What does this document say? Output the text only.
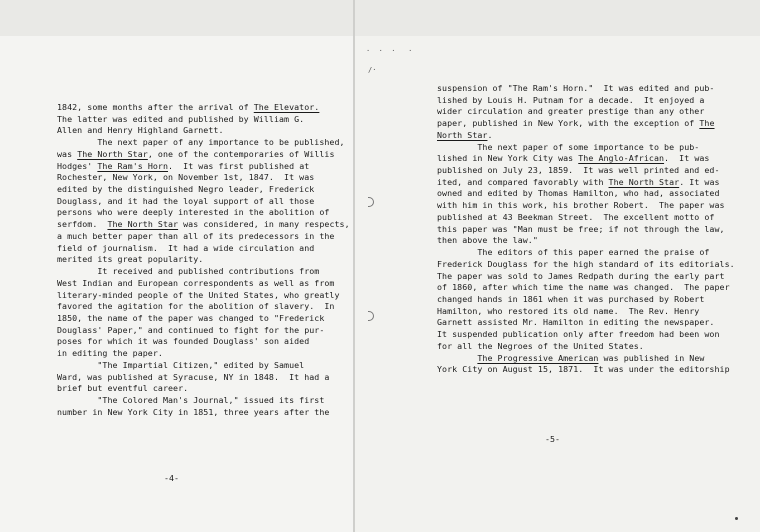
1842, some months after the arrival of The Elevator.
The latter was edited and published by William G.
Allen and Henry Highland Garnett.
The next paper of any importance to be published,
was The North Star, one of the contemporaries of Willis
Hodges' The Ram's Horn.  It was first published at
Rochester, New York, on November 1st, 1847.  It was
edited by the distinguished Negro leader, Frederick
Douglass, and it had the loyal support of all those
persons who were deeply interested in the abolition of
serfdom.  The North Star was considered, in many respects,
a much better paper than all of its predecessors in the
field of journalism.  It had a wide circulation and
merited its great popularity.
It received and published contributions from
West Indian and European correspondents as well as from
literary-minded people of the United States, who greatly
favored the agitation for the abolition of slavery.  In
1850, the name of the paper was changed to "Frederick
Douglass' Paper," and continued to fight for the pur-
poses for which it was founded Douglass' son aided
in editing the paper.
"The Impartial Citizen," edited by Samuel
Ward, was published at Syracuse, NY in 1848.  It had a
brief but eventful career.
"The Colored Man's Journal," issued its first
number in New York City in 1851, three years after the
-4-
suspension of "The Ram's Horn."  It was edited and pub-
lished by Louis H. Putnam for a decade.  It enjoyed a
wider circulation and greater prestige than any other
paper, published in New York, with the exception of The
North Star.
The next paper of some importance to be pub-
lished in New York City was The Anglo-African.  It was
published on July 23, 1859.  It was well printed and ed-
ited, and compared favorably with The North Star. It was
owned and edited by Thomas Hamilton, who had, associated
with him in this work, his brother Robert.  The paper was
published at 43 Beekman Street.  The excellent motto of
this paper was "Man must be free; if not through the law,
then above the law."
The editors of this paper earned the praise of
Frederick Douglass for the high standard of its editorials.
The paper was sold to James Redpath during the early part
of 1860, after which time the name was changed.  The paper
changed hands in 1861 when it was purchased by Robert
Hamilton, who restored its old name.  The Rev. Henry
Garnett assisted Mr. Hamilton in editing the newspaper.
It suspended publication only after freedom had been won
for all the Negroes of the United States.
The Progressive American was published in New
York City on August 15, 1871.  It was under the editorship
-5-
·  ·  ·   ·
/·
